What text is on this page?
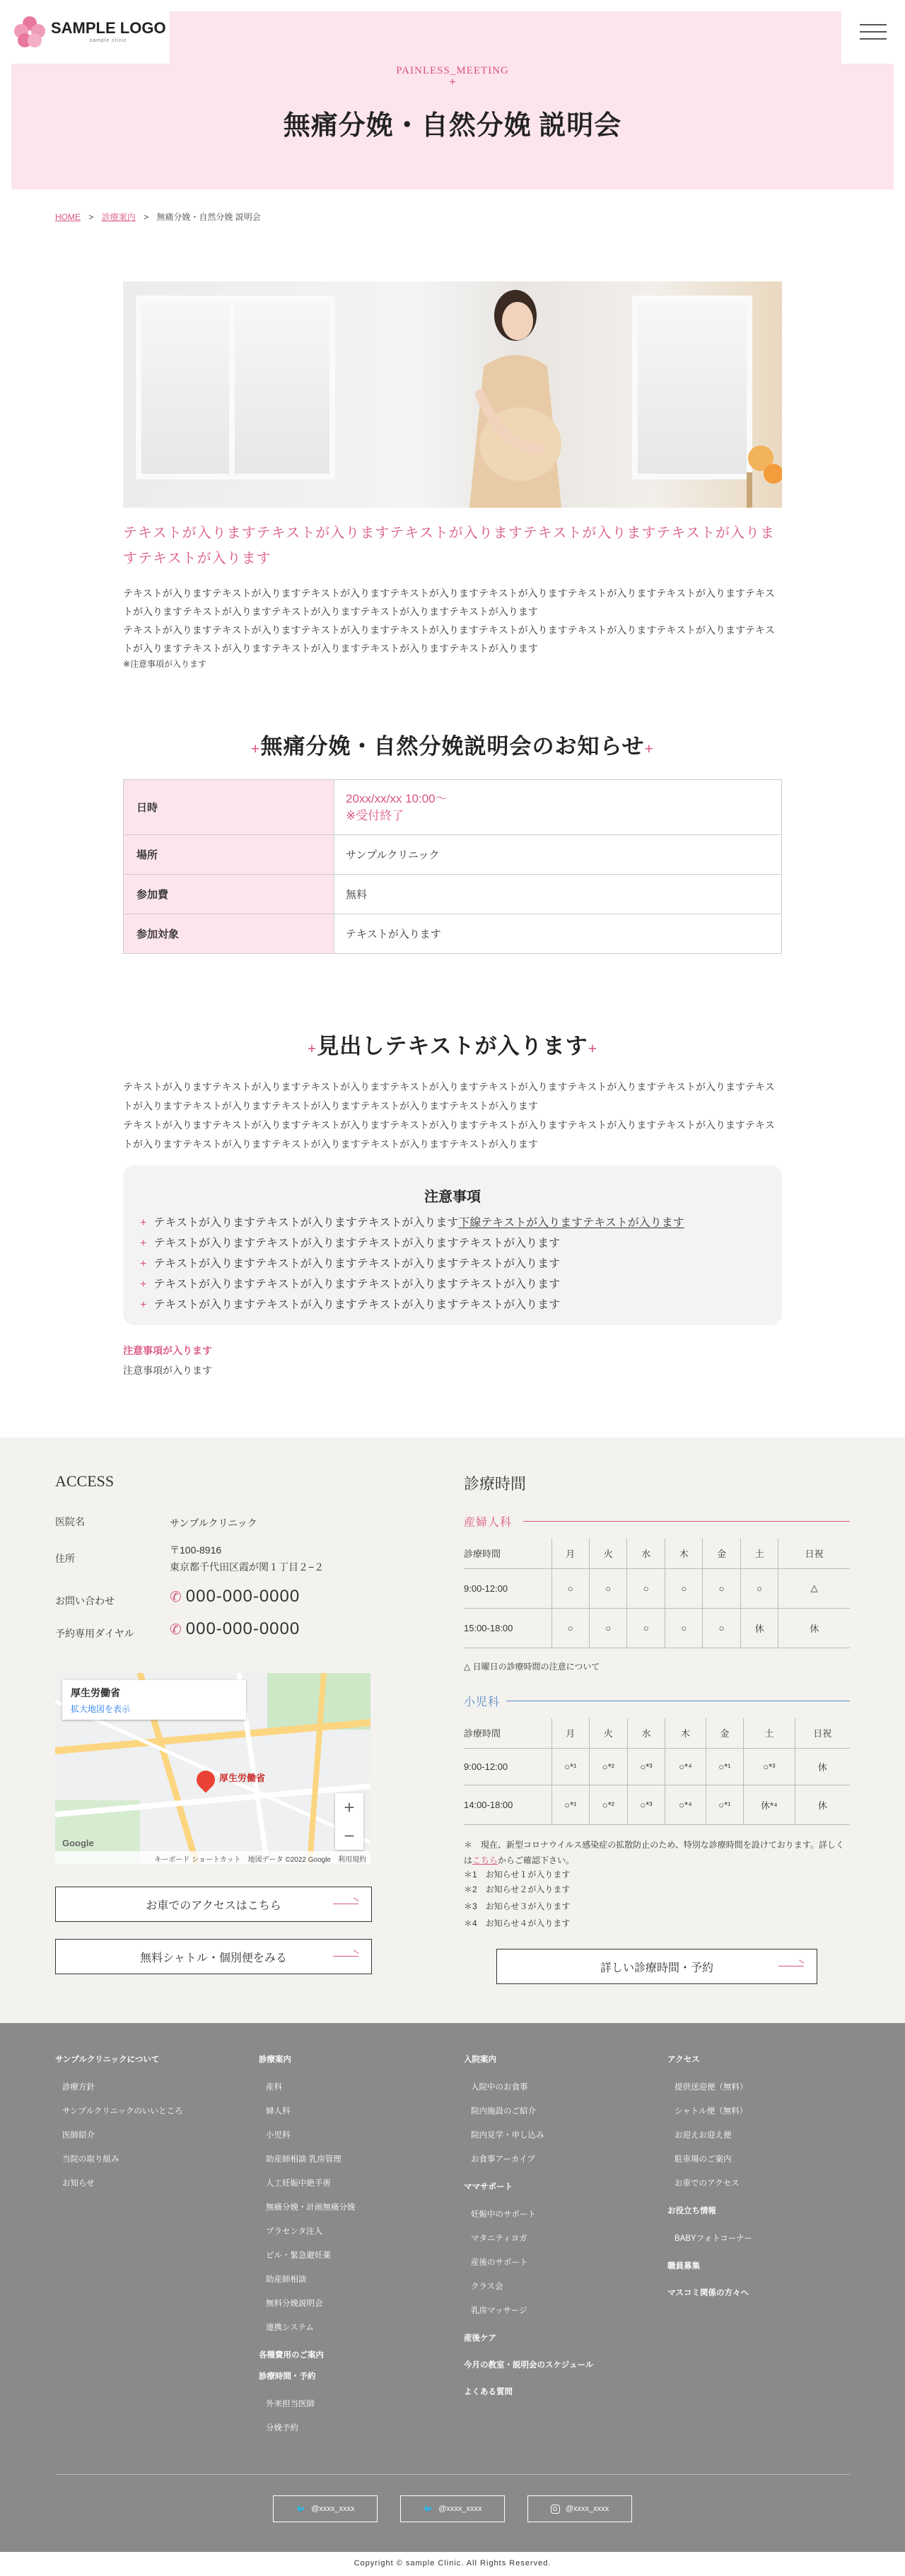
SAMPLE LOGO
sample clinic
PAINLESS_MEETING
+
無痛分娩・自然分娩 説明会
HOME > 診療案内 > 無痛分娩・自然分娩 説明会

テキストが入りますテキストが入りますテキストが入りますテキストが入りますテキストが入りますテキストが入ります

テキストが入りますテキストが入りますテキストが入りますテキストが入りますテキストが入りますテキストが入りますテキストが入りますテキストが入りますテキストが入りますテキストが入りますテキストが入りますテキストが入ります

テキストが入りますテキストが入りますテキストが入りますテキストが入りますテキストが入りますテキストが入りますテキストが入りますテキストが入りますテキストが入りますテキストが入りますテキストが入りますテキストが入ります

※注意事項が入ります

+無痛分娩・自然分娩説明会のお知らせ+
日時	20xx/xx/xx 10:00〜
※受付終了

場所	サンプルクリニック
参加費	無料
参加対象	テキストが入ります
+見出しテキストが入ります+

テキストが入りますテキストが入りますテキストが入りますテキストが入りますテキストが入りますテキストが入りますテキストが入りますテキストが入りますテキストが入りますテキストが入りますテキストが入りますテキストが入ります

テキストが入りますテキストが入りますテキストが入りますテキストが入りますテキストが入りますテキストが入りますテキストが入りますテキストが入りますテキストが入りますテキストが入りますテキストが入りますテキストが入ります

注意事項
+ テキストが入りますテキストが入りますテキストが入ります下線テキストが入りますテキストが入ります
+ テキストが入りますテキストが入りますテキストが入りますテキストが入ります
+ テキストが入りますテキストが入りますテキストが入りますテキストが入ります
+ テキストが入りますテキストが入りますテキストが入りますテキストが入ります
+ テキストが入りますテキストが入りますテキストが入りますテキストが入ります

注意事項が入ります

注意事項が入ります

ACCESS
医院名	サンプルクリニック
住所〒100-8916
東京都千代田区霞が関１丁目２−２
お問い合わせ	✆ 000-000-0000
予約専用ダイヤル	✆ 000-000-0000
厚生労働省
拡大地図を表示
厚生労働省
+
−
Google
キーボード ショートカット　地図データ ©2022 Google　利用規約
お車でのアクセスはこちら
無料シャトル・個別便をみる
診療時間
産婦人科
診療時間	月	火	水	木	金	土	日祝
9:00-12:00	○	○	○	○	○	○	△
15:00-18:00	○	○	○	○	○	休	休
△ 日曜日の診療時間の注意について
小児科
診療時間	月	火	水	木	金	土	日祝
9:00-12:00	○*¹	○*²	○*³	○*⁴	○*¹	○*³	休
14:00-18:00	○*¹	○*²	○*³	○*⁴	○*¹	休*⁴	休
＊　現在、新型コロナウイルス感染症の拡散防止のため、特別な診療時間を設けております。詳しくはこちらからご確認下さい。
＊1　お知らせ１が入ります
＊2　お知らせ２が入ります
＊3　お知らせ３が入ります
＊4　お知らせ４が入ります
詳しい診療時間・予約
サンプルクリニックについて
診療方針
サンプルクリニックのいいところ
医師紹介
当院の取り組み
お知らせ
診療案内
産科
婦人科
小児科
助産師相談 乳房管理
人工妊娠中絶手術
無痛分娩・計画無痛分娩
プラセンタ注入
ピル・緊急避妊薬
助産師相談
無料分娩説明会
連携システム
各種費用のご案内
診療時間・予約
外来担当医師
分娩予約
入院案内
入院中のお食事
院内施設のご紹介
院内見学・申し込み
お食事アーカイブ
ママサポート
妊娠中のサポート
マタニティヨガ
産後のサポート
クラス会
乳房マッサージ
産後ケア
今月の教室・説明会のスケジュール
よくある質問
アクセス
提供送迎便（無料）
シャトル便（無料）
お迎えお迎え便
駐車場のご案内
お車でのアクセス
お役立ち情報
BABYフォトコーナー
職員募集
マスコミ関係の方々へ
🐦 @xxxx_xxxx	🐦 @xxxx_xxxx	@xxxx_xxxx
Copyright © sample Clinic. All Rights Reserved.
